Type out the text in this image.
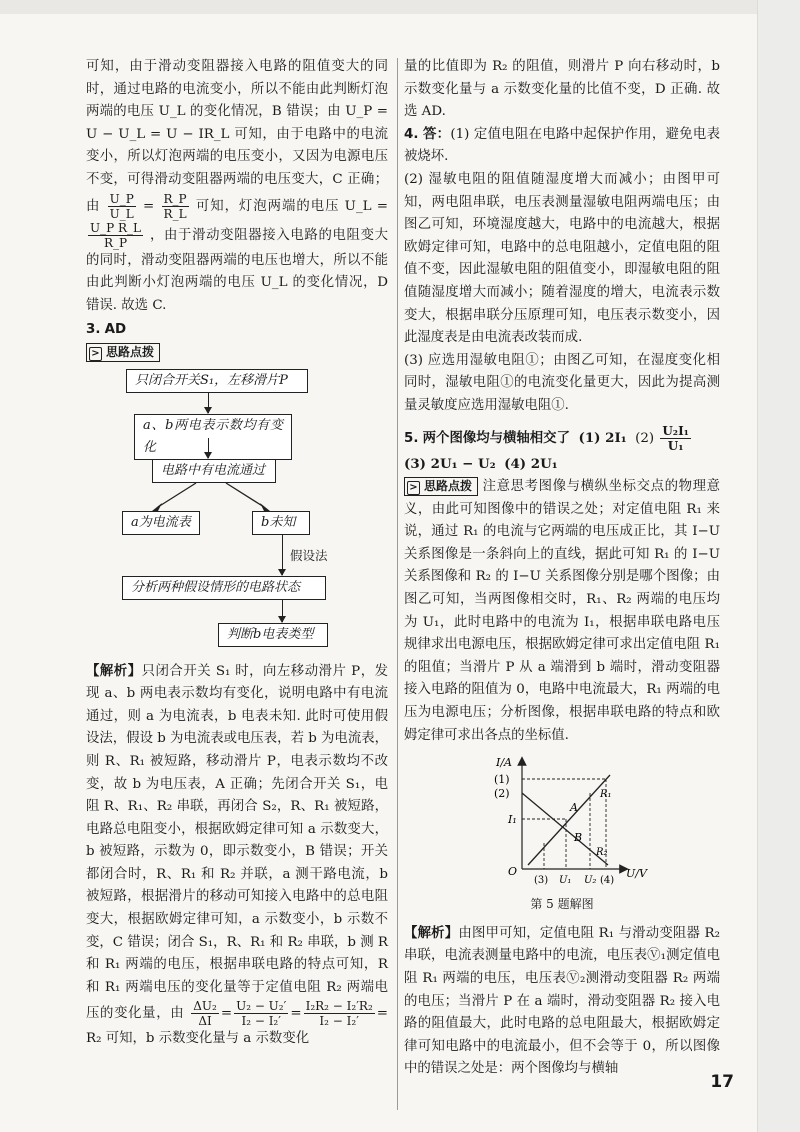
可知，由于滑动变阻器接入电路的阻值变大的同时，通过电路的电流变小，所以不能由此判断灯泡两端的电压 U_L 的变化情况，B 错误；由 U_P = U − U_L = U − IR_L 可知，由于电路中的电流变小，所以灯泡两端的电压变小，又因为电源电压不变，可得滑动变阻器两端的电压变大，C 正确；由 $\frac{U\_P}{U\_L} = \frac{R\_P}{R\_L}$ 可知，灯泡两端的电压 U_L =
$\frac{\text{U\_P R\_L}}{R\_P}$ ，由于滑动变阻器接入电路的电阻变大的同时，滑动变阻器两端的电压也增大，所以不能由此判断小灯泡两端的电压 U_L 的变化情况，D 错误. 故选 C.

3. AD

> 思路点拨

只闭合开关S₁，左移滑片P
a、b两电表示数均有变化
电路中有电流通过
a为电流表	b未知
假设法
分析两种假设情形的电路状态
判断b电表类型

【解析】只闭合开关 S₁ 时，向左移动滑片 P，发现 a、b 两电表示数均有变化，说明电路中有电流通过，则 a 为电流表，b 电表未知. 此时可使用假设法，假设 b 为电流表或电压表，若 b 为电流表，则 R、R₁ 被短路，移动滑片 P，电表示数均不改变，故 b 为电压表，A 正确；先闭合开关 S₁，电阻 R、R₁、R₂ 串联，再闭合 S₂，R、R₁ 被短路，电路总电阻变小，根据欧姆定律可知 a 示数变大，b 被短路，示数为 0，即示数变小，B 错误；开关都闭合时，R、R₁ 和 R₂ 并联，a 测干路电流，b 被短路，根据滑片的移动可知接入电路中的总电阻变大，根据欧姆定律可知，a 示数变小，b 示数不变，C 错误；闭合 S₁，R、R₁ 和 R₂ 串联，b 测 R 和 R₁ 两端的电压，根据串联电路的特点可知，R 和 R₁ 两端电压的变化量等于定值电阻 R₂ 两端电压的变化量，由 $\frac{\text{ΔU₂}}{\Delta I} = \frac{\text{U₂ − U₂′}}{\text{I₂ − I₂′}} = \frac{\text{I₂R₂ − I₂′R₂}}{\text{I₂ − I₂′}} = R_2$ 可知，b 示数变化量与 a 示数变化

量的比值即为 R₂ 的阻值，则滑片 P 向右移动时，b 示数变化量与 a 示数变化量的比值不变，D 正确. 故选 AD.

4. 答：(1) 定值电阻在电路中起保护作用，避免电表被烧坏.

(2) 湿敏电阻的阻值随湿度增大而减小；由图甲可知，两电阻串联，电压表测量湿敏电阻两端电压；由图乙可知，环境湿度越大，电路中的电流越大，根据欧姆定律可知，电路中的总电阻越小，定值电阻的阻值不变，因此湿敏电阻的阻值变小，即湿敏电阻的阻值随湿度增大而减小；随着湿度的增大，电流表示数变大，根据串联分压原理可知，电压表示数变小，因此湿度表是由电流表改装而成.

(3) 应选用湿敏电阻①；由图乙可知，在湿度变化相同时，湿敏电阻①的电流变化量更大，因此为提高测量灵敏度应选用湿敏电阻①.

5. 两个图像均与横轴相交了 (1) 2I₁ $(2) \frac{\text{U₂I₁}}{\text{U₁}}$

(3) 2U₁ − U₂ (4) 2U₁

> 思路点拨 注意思考图像与横纵坐标交点的物理意义，由此可知图像中的错误之处；对定值电阻 R₁ 来说，通过 R₁ 的电流与它两端的电压成正比，其 I−U 关系图像是一条斜向上的直线，据此可知 R₁ 的 I−U 关系图像和 R₂ 的 I−U 关系图像分别是哪个图像；由图乙可知，当两图像相交时，R₁、R₂ 两端的电压均为 U₁，此时电路中的电流为 I₁，根据串联电路电压规律求出电源电压，根据欧姆定律可求出定值电阻 R₁ 的阻值；当滑片 P 从 a 端滑到 b 端时，滑动变阻器接入电路的阻值为 0，电路中电流最大，R₁ 两端的电压为电源电压；分析图像，根据串联电路的特点和欧姆定律可求出各点的坐标值.

I/A
(1)
(2)
I₁
O
(3) U₁ U₂ (4)
U/V
A
B
R₁
R₂
第 5 题解图

【解析】由图甲可知，定值电阻 R₁ 与滑动变阻器 R₂ 串联，电流表测量电路中的电流，电压表Ⓥ₁测定值电阻 R₁ 两端的电压，电压表Ⓥ₂测滑动变阻器 R₂ 两端的电压；当滑片 P 在 a 端时，滑动变阻器 R₂ 接入电路的阻值最大，此时电路的总电阻最大，根据欧姆定律可知电路中的电流最小，但不会等于 0，所以图像中的错误之处是：两个图像均与横轴

17
